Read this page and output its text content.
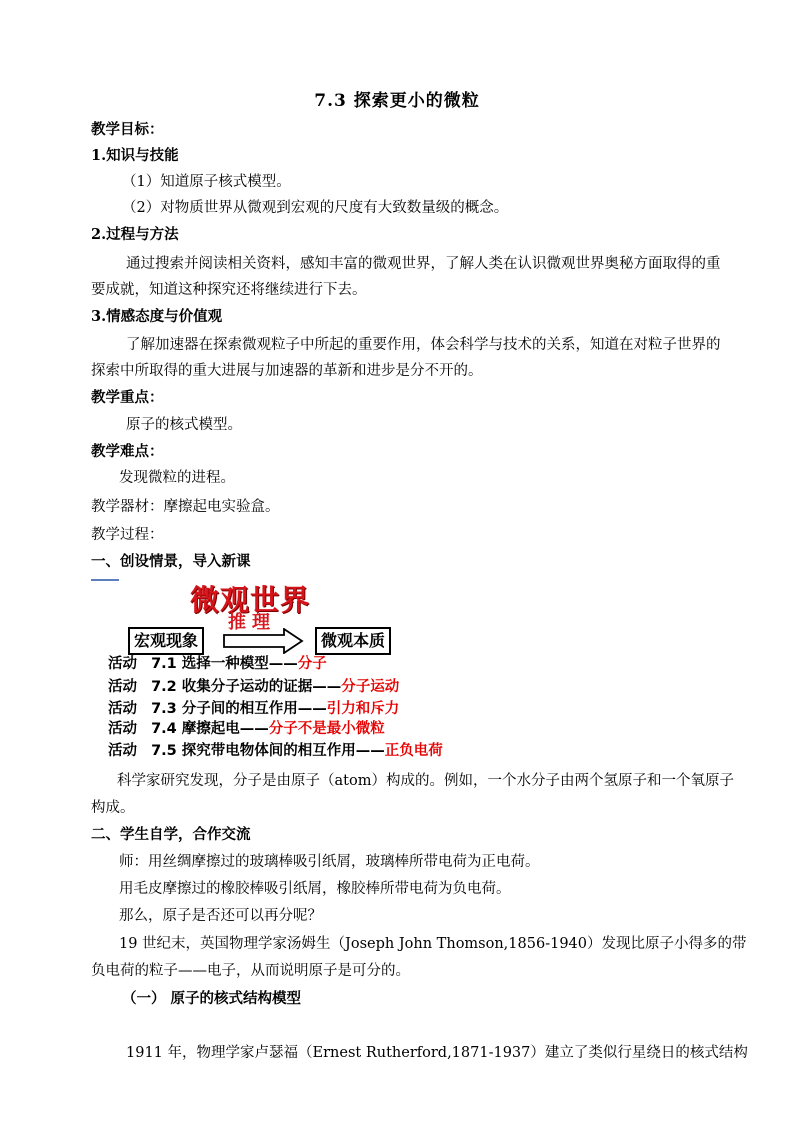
7.3 探索更小的微粒
教学目标：
1.知识与技能
（1）知道原子核式模型。
（2）对物质世界从微观到宏观的尺度有大致数量级的概念。
2.过程与方法
通过搜索并阅读相关资料，感知丰富的微观世界，了解人类在认识微观世界奥秘方面取得的重
要成就，知道这种探究还将继续进行下去。
3.情感态度与价值观
了解加速器在探索微观粒子中所起的重要作用，体会科学与技术的关系，知道在对粒子世界的
探索中所取得的重大进展与加速器的革新和进步是分不开的。
教学重点：
原子的核式模型。
教学难点：
发现微粒的进程。
教学器材：摩擦起电实验盒。
教学过程：
一、创设情景，导入新课
微观世界
推理
宏观现象	微观本质
活动 7.1 选择一种模型——分子
活动 7.2 收集分子运动的证据——分子运动
活动 7.3 分子间的相互作用——引力和斥力
活动 7.4 摩擦起电——分子不是最小微粒
活动 7.5 探究带电物体间的相互作用——正负电荷
科学家研究发现，分子是由原子（atom）构成的。例如，一个水分子由两个氢原子和一个氧原子
构成。
二、学生自学，合作交流
师：用丝绸摩擦过的玻璃棒吸引纸屑，玻璃棒所带电荷为正电荷。
用毛皮摩擦过的橡胶棒吸引纸屑，橡胶棒所带电荷为负电荷。
那么，原子是否还可以再分呢？
19 世纪末，英国物理学家汤姆生（Joseph John Thomson,1856-1940）发现比原子小得多的带
负电荷的粒子——电子，从而说明原子是可分的。
（一） 原子的核式结构模型
1911 年，物理学家卢瑟福（Ernest Rutherford,1871-1937）建立了类似行星绕日的核式结构
